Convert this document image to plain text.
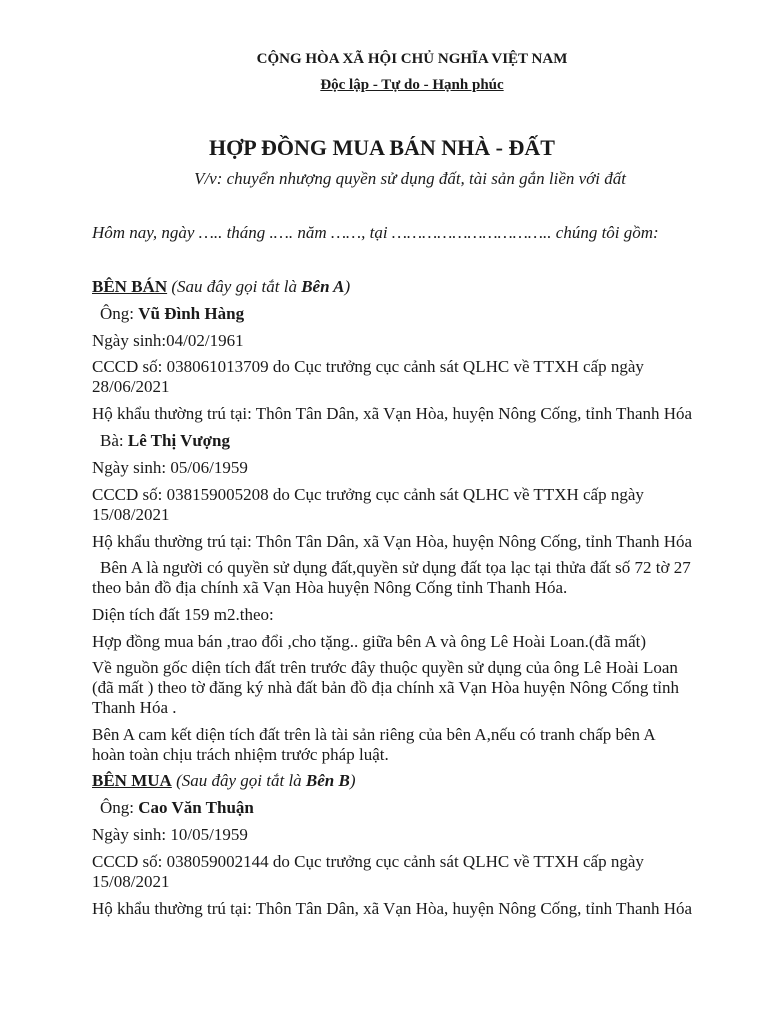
CỘNG HÒA XÃ HỘI CHỦ NGHĨA VIỆT NAM
Độc lập - Tự do - Hạnh phúc
HỢP ĐỒNG MUA BÁN NHÀ - ĐẤT
V/v: chuyển nhượng quyền sử dụng đất, tài sản gắn liền với đất
Hôm nay, ngày ….. tháng .…. năm ……, tại ………………………….. chúng tôi gồm:
BÊN BÁN (Sau đây gọi tắt là Bên A)
Ông: Vũ Đình Hàng
Ngày sinh:04/02/1961
CCCD số: 038061013709 do Cục trưởng cục cảnh sát QLHC về TTXH cấp ngày
28/06/2021
Hộ khẩu thường trú tại: Thôn Tân Dân, xã Vạn Hòa, huyện Nông Cống, tỉnh Thanh Hóa
Bà: Lê Thị Vượng
Ngày sinh: 05/06/1959
CCCD số: 038159005208 do Cục trưởng cục cảnh sát QLHC về TTXH cấp ngày
15/08/2021
Hộ khẩu thường trú tại: Thôn Tân Dân, xã Vạn Hòa, huyện Nông Cống, tỉnh Thanh Hóa
Bên A là người có quyền sử dụng đất,quyền sử dụng đất tọa lạc tại thửa đất số 72 tờ 27
theo bản đồ địa chính xã Vạn Hòa huyện Nông Cống tỉnh Thanh Hóa.
Diện tích đất 159 m2.theo:
Hợp đồng mua bán ,trao đổi ,cho tặng.. giữa bên A và ông Lê Hoài Loan.(đã mất)
Về nguồn gốc diện tích đất trên trước đây thuộc quyền sử dụng của ông Lê Hoài Loan
(đã mất ) theo tờ đăng ký nhà đất bản đồ địa chính xã Vạn Hòa huyện Nông Cống tỉnh
Thanh Hóa .
Bên A cam kết diện tích đất trên là tài sản riêng của bên A,nếu có tranh chấp bên A
hoàn toàn chịu trách nhiệm trước pháp luật.
BÊN MUA (Sau đây gọi tắt là Bên B)
Ông: Cao Văn Thuận
Ngày sinh: 10/05/1959
CCCD số: 038059002144 do Cục trưởng cục cảnh sát QLHC về TTXH cấp ngày
15/08/2021
Hộ khẩu thường trú tại: Thôn Tân Dân, xã Vạn Hòa, huyện Nông Cống, tỉnh Thanh Hóa
